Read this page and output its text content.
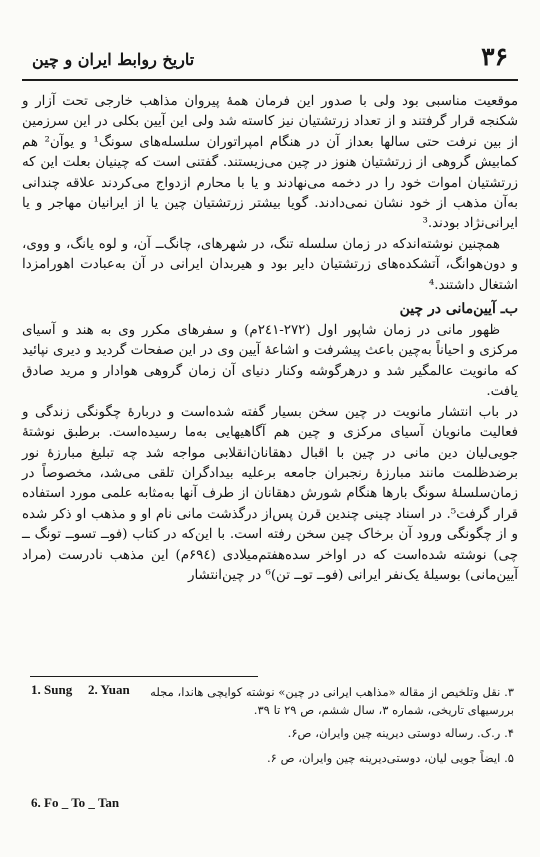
۳۶
تاریخ روابط ایران و چین

موقعیت مناسبی بود ولی با صدور این فرمان همهٔ پیروان مذاهب خارجی تحت آزار و شکنجه قرار گرفتند و از تعداد زرتشتیان نیز کاسته شد ولی این آیین بکلی در این سرزمین از بین نرفت حتی سالها بعداز آن در هنگام امپراتوران سلسله‌های سونگ¹ و یوآن² هم کمابیش گروهی از زرتشتیان هنوز در چین می‌زیستند. گفتنی است که چینیان بعلت این که زرتشتیان اموات خود را در دخمه می‌نهادند و یا با محارم ازدواج می‌کردند علاقه چندانی به‌آن مذهب از خود نشان نمی‌دادند. گویا بیشتر زرتشتیان چین یا از ایرانیان مهاجر و یا ایرانی‌نژاد بودند.³

همچنین نوشته‌اندکه در زمان سلسله تنگ، در شهرهای، چانگ‌ــ آن، و لوه یانگ، و ووی، و دون‌هوانگ، آتشکده‌های زرتشتیان دایر بود و هیربدان ایرانی در آن به‌عبادت اهورامزدا اشتغال داشتند.⁴

ب‌ـ آیین‌مانی در چین

ظهور مانی در زمان شاپور اول (۲۷۲‐۲٤۱م) و سفرهای مکرر وی به هند و آسیای مرکزی و احیاناً به‌چین باعث پیشرفت و اشاعهٔ آیین وی در این صفحات گردید و دیری نپائید که مانویت عالمگیر شد و درهرگوشه وکنار دنیای آن زمان گروهی هوادار و مرید صادق یافت.

در باب انتشار مانویت در چین سخن بسیار گفته شده‌است و دربارهٔ چگونگی زندگی و فعالیت مانویان آسیای مرکزی و چین هم آگاهیهایی به‌ما رسیده‌است. برطبق نوشتهٔ جویی‌لیان دین مانی در چین با اقبال دهقانان‌انقلابی مواجه شد چه تبلیغ مبارزهٔ نور برضدظلمت مانند مبارزهٔ رنجبران جامعه برعلیه بیدادگران تلقی می‌شد، مخصوصاً در زمان‌سلسلهٔ سونگ بارها هنگام شورش دهقانان از طرف آنها به‌مثابه علمی مورد استفاده قرار گرفت⁵. در اسناد چینی چندین قرن پس‌از درگذشت مانی نام او و مذهب او ذکر شده و از چگونگی ورود آن برخاک چین سخن رفته است. با این‌که در کتاب (فوــ تسوــ تونگ ــ چی) نوشته شده‌است که در اواخر سده‌هفتم‌میلادی (۶۹٤م) این مذهب نادرست (مراد آیین‌مانی) بوسیلهٔ یک‌نفر ایرانی (فوــ توــ تن)⁶ در چین‌انتشار

1. Sung 2. Yuan	۳. نقل وتلخیص از مقاله «مذاهب ایرانی در چین» نوشته کوایچی هاندا، مجله
بررسیهای تاریخی، شماره ۳، سال ششم، ص ۲۹ تا ۳۹.
۴. ر.ک. رساله دوستی دیرینه چین وایران، ص۶.
۵. ایضاً جویی لیان، دوستی‌دیرینه چین وایران، ص ۶.
6. Fo _ To _ Tan
